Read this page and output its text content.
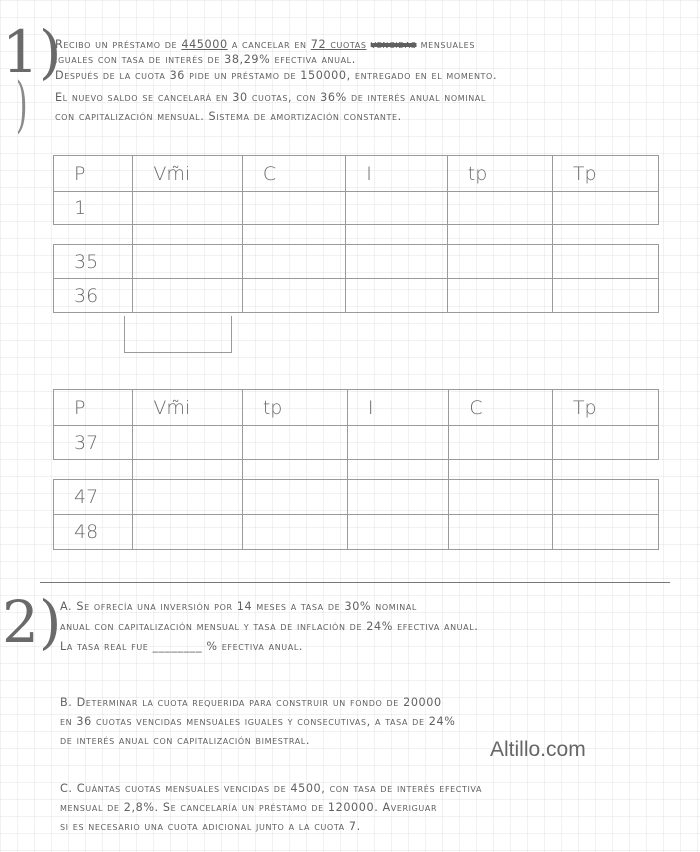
1)
)
Recibo un préstamo de 445000 a cancelar en 72 cuotas vencidas mensuales
iguales con tasa de interés de 38,29% efectiva anual.
Después de la cuota 36 pide un préstamo de 150000, entregado en el momento.
El nuevo saldo se cancelará en 30 cuotas, con 36% de interés anual nominal
con capitalización mensual. Sistema de amortización constante.
P	Vm̃i	C	I	tp	Tp
1					

35					
36					
P	Vm̃i	tp	I	C	Tp
37					

47					
48					
2)
A. Se ofrecía una inversión por 14 meses a tasa de 30% nominal
anual con capitalización mensual y tasa de inflación de 24% efectiva anual.
La tasa real fue ________ % efectiva anual.
B. Determinar la cuota requerida para construir un fondo de 20000
en 36 cuotas vencidas mensuales iguales y consecutivas, a tasa de 24%
de interés anual con capitalización bimestral.	Altillo.com
C. Cuántas cuotas mensuales vencidas de 4500, con tasa de interés efectiva
mensual de 2,8%. Se cancelaría un préstamo de 120000. Averiguar
si es necesario una cuota adicional junto a la cuota 7.
